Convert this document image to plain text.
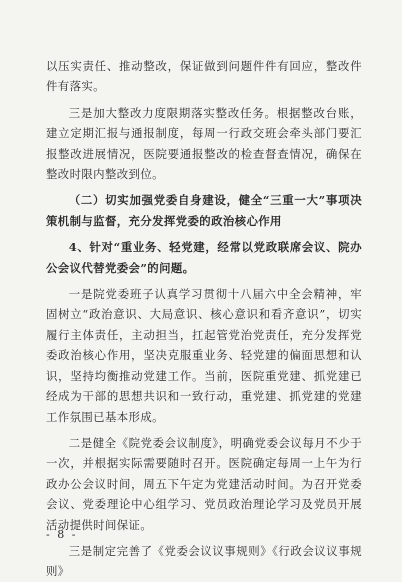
以压实责任、推动整改，保证做到问题件件有回应，整改件件有落实。

三是加大整改力度限期落实整改任务。根据整改台账，建立定期汇报与通报制度，每周一行政交班会牵头部门要汇报整改进展情况，医院要通报整改的检查督查情况，确保在整改时限内整改到位。

（二）切实加强党委自身建设，健全“三重一大”事项决策机制与监督，充分发挥党委的政治核心作用

4、针对“重业务、轻党建，经常以党政联席会议、院办公会议代替党委会”的问题。

一是院党委班子认真学习贯彻十八届六中全会精神，牢固树立“政治意识、大局意识、核心意识和看齐意识”，切实履行主体责任，主动担当，扛起管党治党责任，充分发挥党委政治核心作用，坚决克服重业务、轻党建的偏面思想和认识，坚持均衡推动党建工作。当前，医院重党建、抓党建已经成为干部的思想共识和一致行动，重党建、抓党建的党建工作氛围已基本形成。

二是健全《院党委会议制度》，明确党委会议每月不少于一次，并根据实际需要随时召开。医院确定每周一上午为行政办公会议时间，周五下午定为党建活动时间。为召开党委会议、党委理论中心组学习、党员政治理论学习及党员开展活动提供时间保证。

三是制定完善了《党委会议议事规则》《行政会议议事规则》

- 8 -
